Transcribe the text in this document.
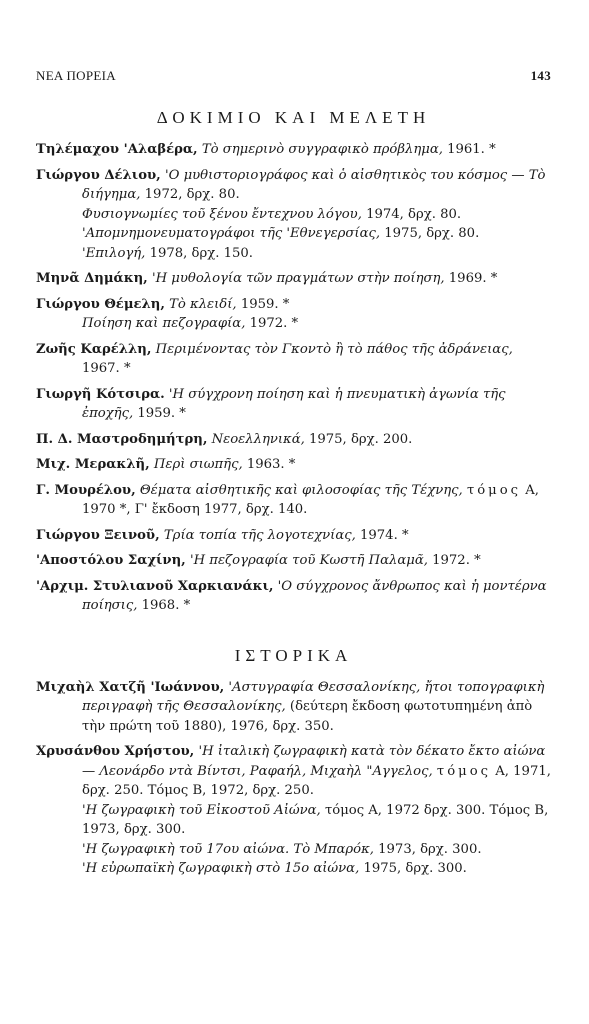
ΝΕΑ ΠΟΡΕΙΑ	143
ΔΟΚΙΜΙΟ ΚΑΙ ΜΕΛΕΤΗ

Τηλέμαχου 'Αλαβέρα, Τὸ σημερινὸ συγγραφικὸ πρόβλημα, 1961. *

Γιώργου Δέλιου, 'Ο μυθιστοριογράφος καὶ ὁ αἰσθητικὸς του κόσμος — Τὸ διήγημα, 1972, δρχ. 80.
Φυσιογνωμίες τοῦ ξένου ἔντεχνου λόγου, 1974, δρχ. 80.
'Απομνημονευματογράφοι τῆς 'Εθνεγερσίας, 1975, δρχ. 80.
'Επιλογή, 1978, δρχ. 150.

Μηνᾶ Δημάκη, 'Η μυθολογία τῶν πραγμάτων στὴν ποίηση, 1969. *

Γιώργου Θέμελη, Τὸ κλειδί, 1959. *
Ποίηση καὶ πεζογραφία, 1972. *

Ζωῆς Καρέλλη, Περιμένοντας τὸν Γκοντὸ ἢ τὸ πάθος τῆς ἀδράνειας, 1967. *

Γιωργῆ Κότσιρα. 'Η σύγχρονη ποίηση καὶ ἡ πνευματικὴ ἀγωνία τῆς ἐποχῆς, 1959. *

Π. Δ. Μαστροδημήτρη, Νεοελληνικά, 1975, δρχ. 200.

Μιχ. Μερακλῆ, Περὶ σιωπῆς, 1963. *

Γ. Μουρέλου, Θέματα αἰσθητικῆς καὶ φιλοσοφίας τῆς Τέχνης, τόμος Α, 1970 *, Γ' ἔκδοση 1977, δρχ. 140.

Γιώργου Ξεινοῦ, Τρία τοπία τῆς λογοτεχνίας, 1974. *

'Αποστόλου Σαχίνη, 'Η πεζογραφία τοῦ Κωστῆ Παλαμᾶ, 1972. *

'Αρχιμ. Στυλιανοῦ Χαρκιανάκι, 'Ο σύγχρονος ἄνθρωπος καὶ ἡ μοντέρνα ποίησις, 1968. *

ΙΣΤΟΡΙΚΑ

Μιχαὴλ Χατζῆ 'Ιωάννου, 'Αστυγραφία Θεσσαλονίκης, ἤτοι τοπογραφικὴ περιγραφὴ τῆς Θεσσαλονίκης, (δεύτερη ἔκδοση φωτοτυπημένη ἀπὸ τὴν πρώτη τοῦ 1880), 1976, δρχ. 350.

Χρυσάνθου Χρήστου, 'Η ἰταλικὴ ζωγραφικὴ κατὰ τὸν δέκατο ἔκτο αἰώνα — Λεονάρδο ντὰ Βίντσι, Ραφαήλ, Μιχαὴλ "Αγγελος, τόμος Α, 1971, δρχ. 250. Τόμος Β, 1972, δρχ. 250.
'Η ζωγραφικὴ τοῦ Εἰκοστοῦ Αἰώνα, τόμος Α, 1972 δρχ. 300. Τόμος Β, 1973, δρχ. 300.
'Η ζωγραφικὴ τοῦ 17ου αἰώνα. Τὸ Μπαρόκ, 1973, δρχ. 300.
'Η εὐρωπαϊκὴ ζωγραφικὴ στὸ 15ο αἰώνα, 1975, δρχ. 300.
